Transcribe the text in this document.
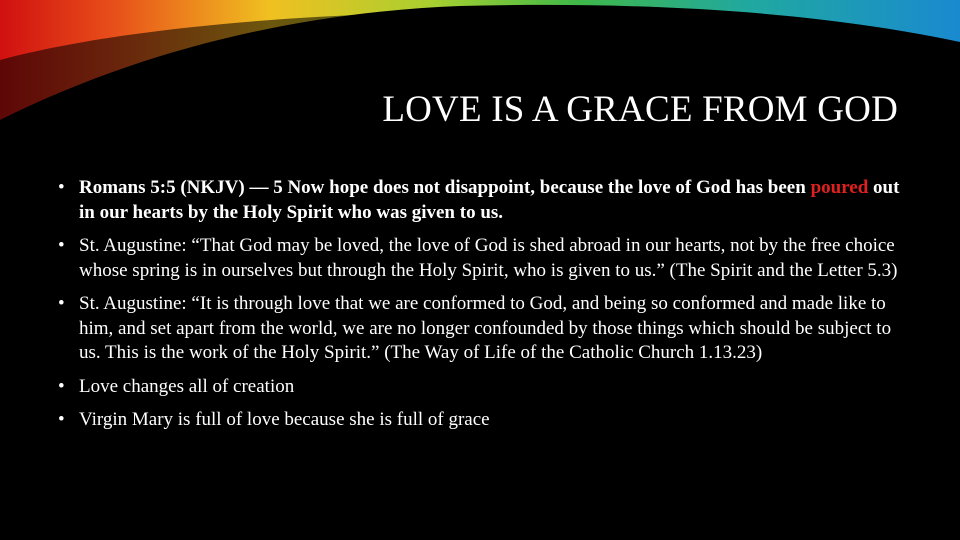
LOVE IS A GRACE FROM GOD
• Romans 5:5 (NKJV) — 5 Now hope does not disappoint, because the love of God has been poured out in our hearts by the Holy Spirit who was given to us.
• St. Augustine: “That God may be loved, the love of God is shed abroad in our hearts, not by the free choice whose spring is in ourselves but through the Holy Spirit, who is given to us.” (The Spirit and the Letter 5.3)
• St. Augustine: “It is through love that we are conformed to God, and being so conformed and made like to him, and set apart from the world, we are no longer confounded by those things which should be subject to us. This is the work of the Holy Spirit.” (The Way of Life of the Catholic Church 1.13.23)
• Love changes all of creation
• Virgin Mary is full of love because she is full of grace
